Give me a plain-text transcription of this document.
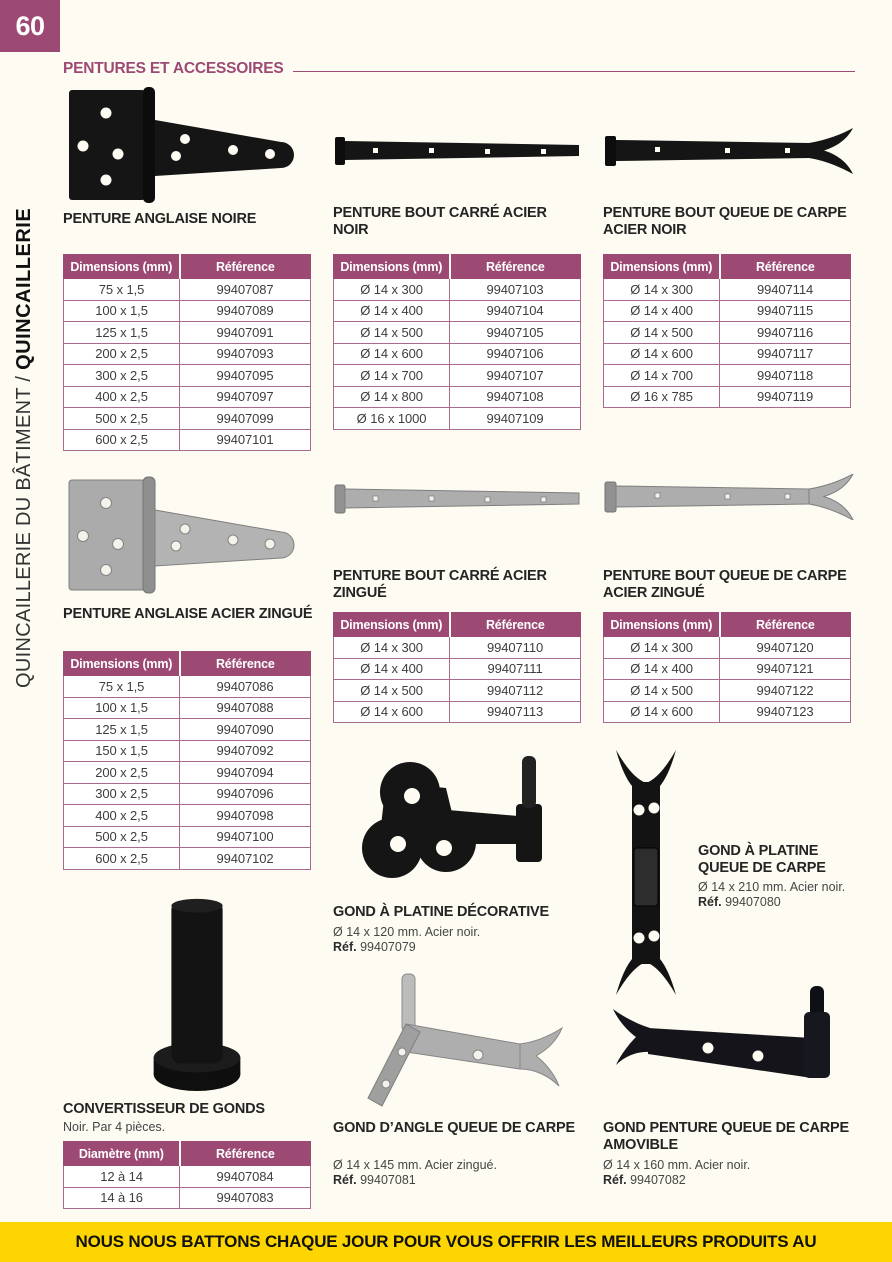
60
PENTURES ET ACCESSOIRES
QUINCAILLERIE DU BÂTIMENT / QUINCAILLERIE PENTURE ANGLAISE NOIRE
Dimensions (mm)	Référence
75 x 1,5	99407087
100 x 1,5	99407089
125 x 1,5	99407091
200 x 2,5	99407093
300 x 2,5	99407095
400 x 2,5	99407097
500 x 2,5	99407099
600 x 2,5	99407101
PENTURE BOUT CARRÉ ACIER NOIR
Dimensions (mm)	Référence
Ø 14 x 300	99407103
Ø 14 x 400	99407104
Ø 14 x 500	99407105
Ø 14 x 600	99407106
Ø 14 x 700	99407107
Ø 14 x 800	99407108
Ø 16 x 1000	99407109
PENTURE BOUT QUEUE DE CARPE ACIER NOIR
Dimensions (mm)	Référence
Ø 14 x 300	99407114
Ø 14 x 400	99407115
Ø 14 x 500	99407116
Ø 14 x 600	99407117
Ø 14 x 700	99407118
Ø 16 x 785	99407119
PENTURE ANGLAISE ACIER ZINGUÉ
Dimensions (mm)	Référence
75 x 1,5	99407086
100 x 1,5	99407088
125 x 1,5	99407090
150 x 1,5	99407092
200 x 2,5	99407094
300 x 2,5	99407096
400 x 2,5	99407098
500 x 2,5	99407100
600 x 2,5	99407102
PENTURE BOUT CARRÉ ACIER ZINGUÉ
Dimensions (mm)	Référence
Ø 14 x 300	99407110
Ø 14 x 400	99407111
Ø 14 x 500	99407112
Ø 14 x 600	99407113
PENTURE BOUT QUEUE DE CARPE ACIER ZINGUÉ
Dimensions (mm)	Référence
Ø 14 x 300	99407120
Ø 14 x 400	99407121
Ø 14 x 500	99407122
Ø 14 x 600	99407123
GOND À PLATINE DÉCORATIVE
Ø 14 x 120 mm. Acier noir.
Réf. 99407079
GOND À PLATINE QUEUE DE CARPE
Ø 14 x 210 mm. Acier noir.
Réf. 99407080
CONVERTISSEUR DE GONDS
Noir. Par 4 pièces.
Diamètre (mm)	Référence
12 à 14	99407084
14 à 16	99407083
GOND D’ANGLE QUEUE DE CARPE
Ø 14 x 145 mm. Acier zingué.
Réf. 99407081
GOND PENTURE QUEUE DE CARPE AMOVIBLE
Ø 14 x 160 mm. Acier noir.
Réf. 99407082
NOUS NOUS BATTONS CHAQUE JOUR POUR VOUS OFFRIR LES MEILLEURS PRODUITS AU
